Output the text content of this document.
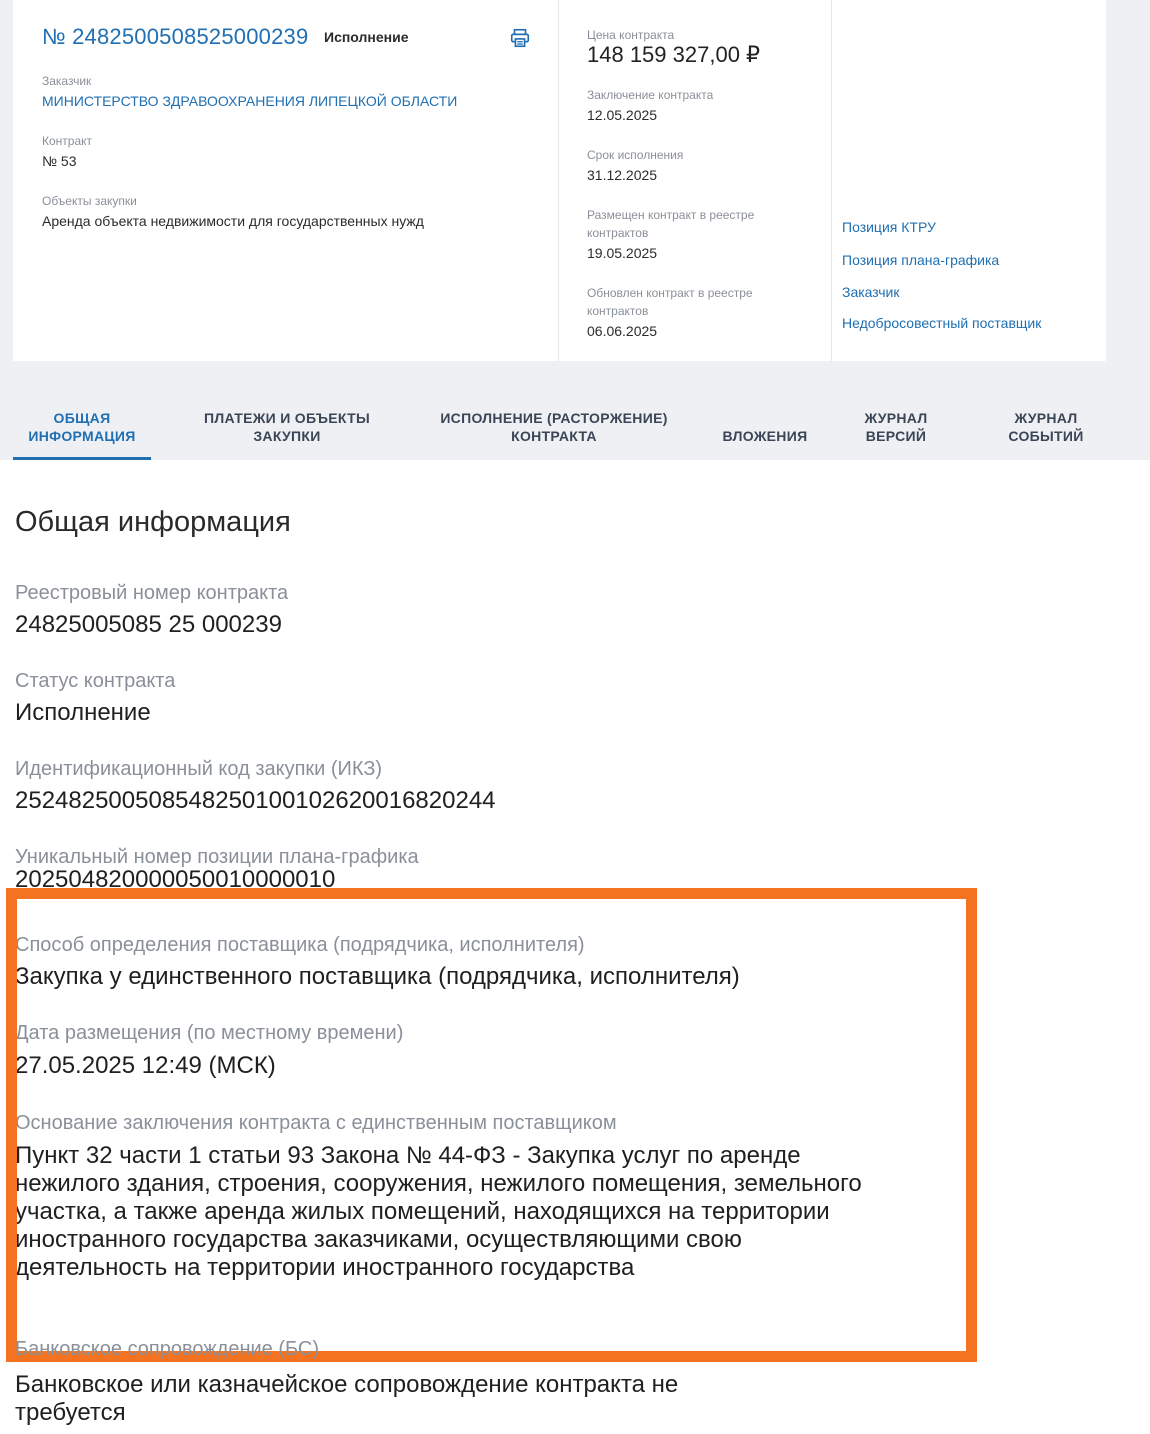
№ 2482500508525000239 Исполнение
Заказчик
МИНИСТЕРСТВО ЗДРАВООХРАНЕНИЯ ЛИПЕЦКОЙ ОБЛАСТИ
Контракт
№ 53
Объекты закупки
Аренда объекта недвижимости для государственных нужд
Цена контракта
148 159 327,00 ₽
Заключение контракта
12.05.2025
Срок исполнения
31.12.2025
Размещен контракт в реестре
контрактов
19.05.2025
Обновлен контракт в реестре
контрактов
06.06.2025
Позиция КТРУ
Позиция плана-графика
Заказчик
Недобросовестный поставщик
ОБЩАЯ
ИНФОРМАЦИЯ
ПЛАТЕЖИ И ОБЪЕКТЫ
ЗАКУПКИ
ИСПОЛНЕНИЕ (РАСТОРЖЕНИЕ)
КОНТРАКТА	ВЛОЖЕНИЯ
ЖУРНАЛ
ВЕРСИЙ
ЖУРНАЛ
СОБЫТИЙ
Общая информация
Реестровый номер контракта
24825005085 25 000239
Статус контракта
Исполнение
Идентификационный код закупки (ИКЗ)
252482500508548250100102620016820244
Уникальный номер позиции плана-графика
202504820000050010000010
Способ определения поставщика (подрядчика, исполнителя)
Закупка у единственного поставщика (подрядчика, исполнителя)
Дата размещения (по местному времени)
27.05.2025 12:49 (МСК)
Основание заключения контракта с единственным поставщиком
Пункт 32 части 1 статьи 93 Закона № 44-ФЗ - Закупка услуг по аренде нежилого здания, строения, сооружения, нежилого помещения, земельного участка, а также аренда жилых помещений, находящихся на территории иностранного государства заказчиками, осуществляющими свою деятельность на территории иностранного государства
Банковское сопровождение (БС)
Банковское или казначейское сопровождение контракта не требуется
